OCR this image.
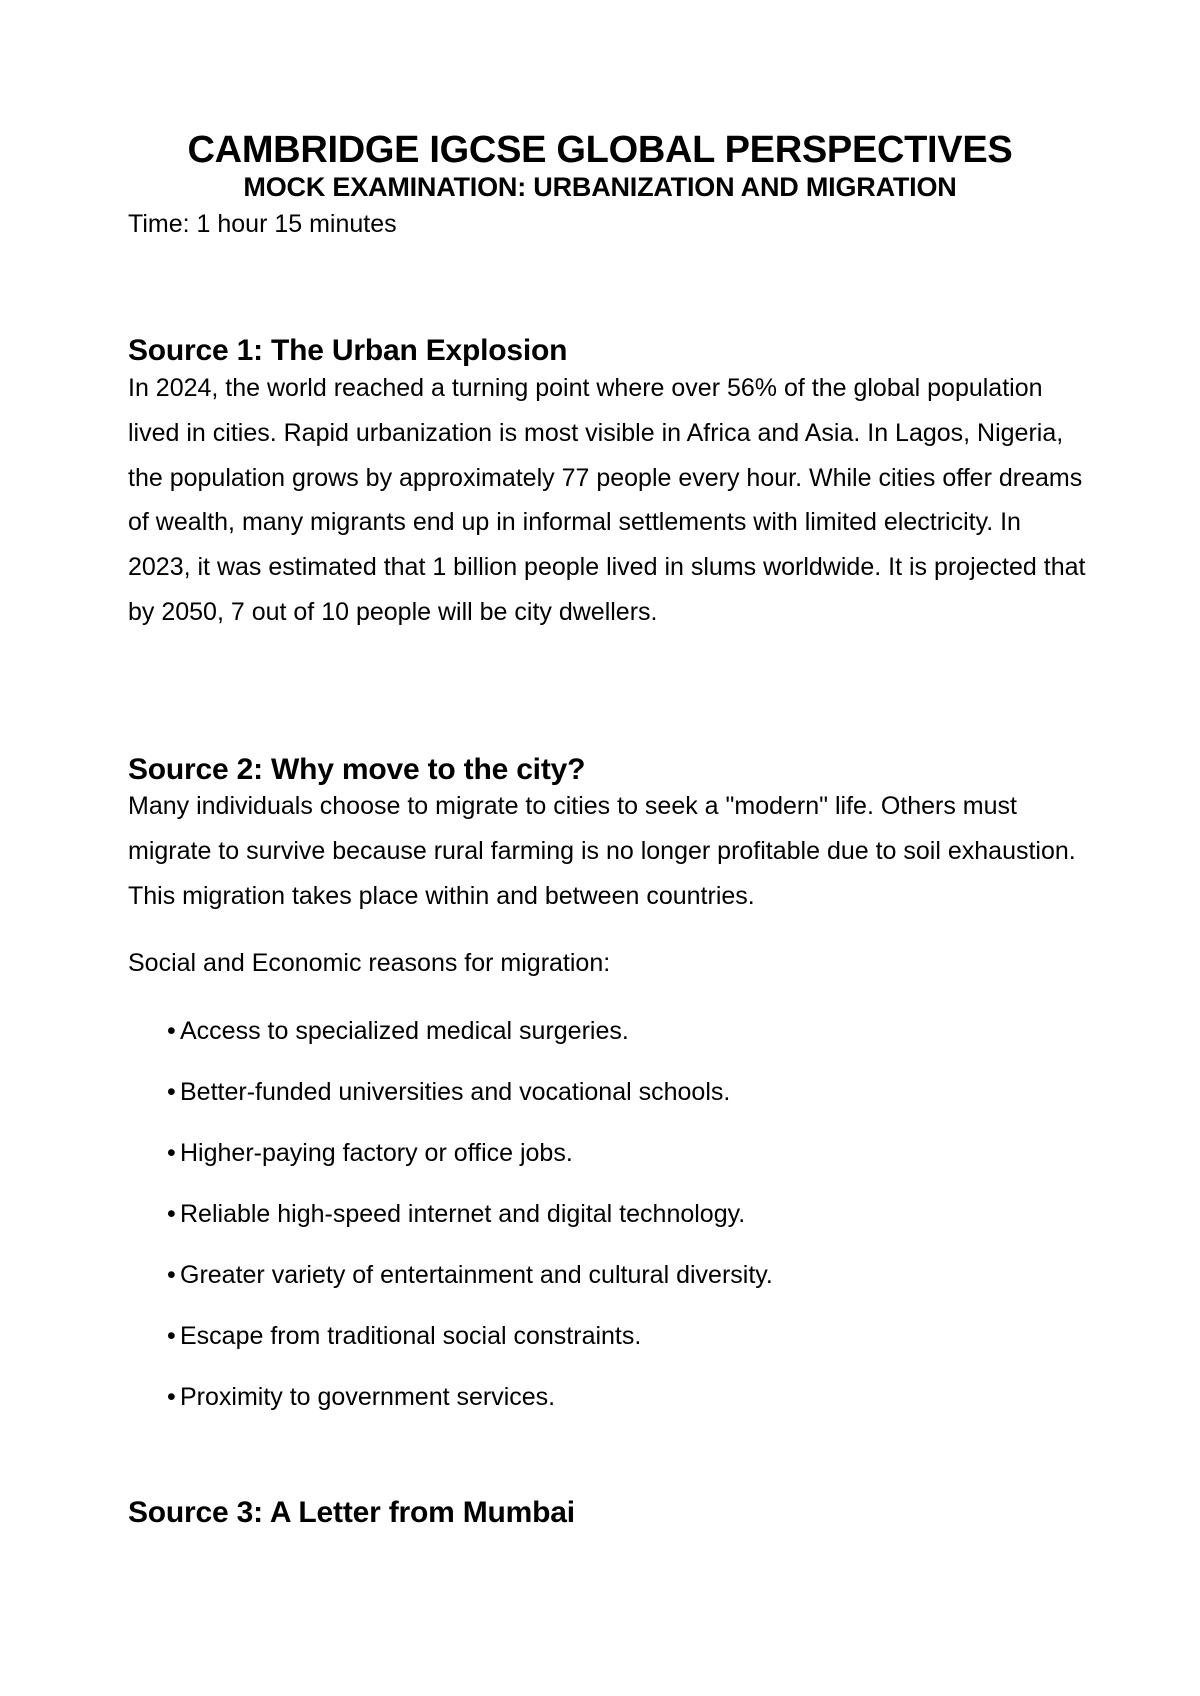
CAMBRIDGE IGCSE GLOBAL PERSPECTIVES
MOCK EXAMINATION: URBANIZATION AND MIGRATION

Time: 1 hour 15 minutes

Source 1: The Urban Explosion

In 2024, the world reached a turning point where over 56% of the global population lived in cities. Rapid urbanization is most visible in Africa and Asia. In Lagos, Nigeria, the population grows by approximately 77 people every hour. While cities offer dreams of wealth, many migrants end up in informal settlements with limited electricity. In 2023, it was estimated that 1 billion people lived in slums worldwide. It is projected that by 2050, 7 out of 10 people will be city dwellers.

Source 2: Why move to the city?

Many individuals choose to migrate to cities to seek a "modern" life. Others must migrate to survive because rural farming is no longer profitable due to soil exhaustion. This migration takes place within and between countries.

Social and Economic reasons for migration:

• Access to specialized medical surgeries.
• Better-funded universities and vocational schools.
• Higher-paying factory or office jobs.
• Reliable high-speed internet and digital technology.
• Greater variety of entertainment and cultural diversity.
• Escape from traditional social constraints.
• Proximity to government services.
Source 3: A Letter from Mumbai
